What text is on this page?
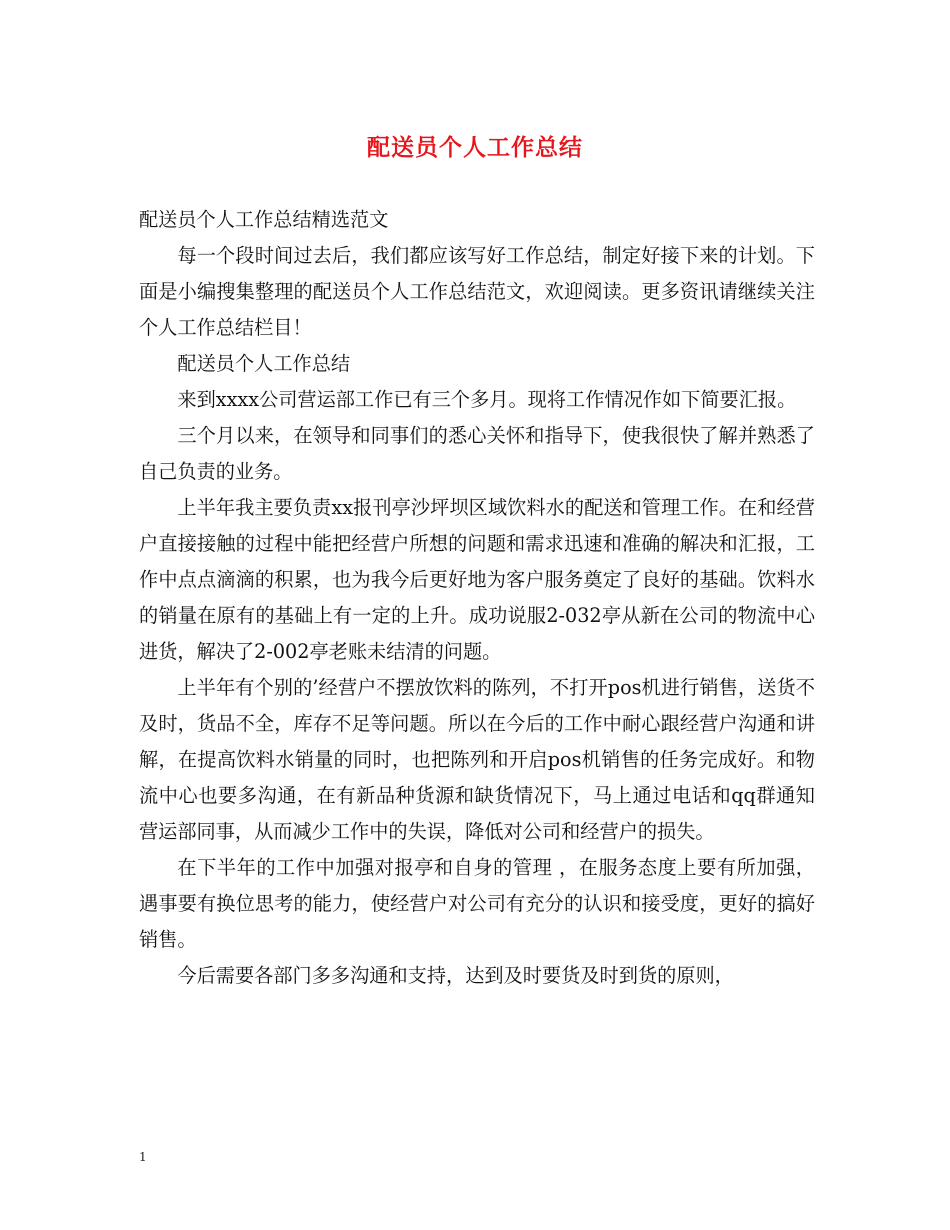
配送员个人工作总结

配送员个人工作总结精选范文

每一个段时间过去后，我们都应该写好工作总结，制定好接下来的计划。下面是小编搜集整理的配送员个人工作总结范文，欢迎阅读。更多资讯请继续关注个人工作总结栏目！

配送员个人工作总结

来到xxxx公司营运部工作已有三个多月。现将工作情况作如下简要汇报。

三个月以来，在领导和同事们的悉心关怀和指导下，使我很快了解并熟悉了自己负责的业务。

上半年我主要负责xx报刊亭沙坪坝区域饮料水的配送和管理工作。在和经营户直接接触的过程中能把经营户所想的问题和需求迅速和准确的解决和汇报，工作中点点滴滴的积累，也为我今后更好地为客户服务奠定了良好的基础。饮料水的销量在原有的基础上有一定的上升。成功说服2-032亭从新在公司的物流中心进货，解决了2-002亭老账未结清的问题。

上半年有个别的’经营户不摆放饮料的陈列，不打开pos机进行销售，送货不及时，货品不全，库存不足等问题。所以在今后的工作中耐心跟经营户沟通和讲解，在提高饮料水销量的同时，也把陈列和开启pos机销售的任务完成好。和物流中心也要多沟通，在有新品种货源和缺货情况下，马上通过电话和qq群通知营运部同事，从而减少工作中的失误，降低对公司和经营户的损失。

在下半年的工作中加强对报亭和自身的管理 ，在服务态度上要有所加强，遇事要有换位思考的能力，使经营户对公司有充分的认识和接受度，更好的搞好销售。

今后需要各部门多多沟通和支持，达到及时要货及时到货的原则，

1
